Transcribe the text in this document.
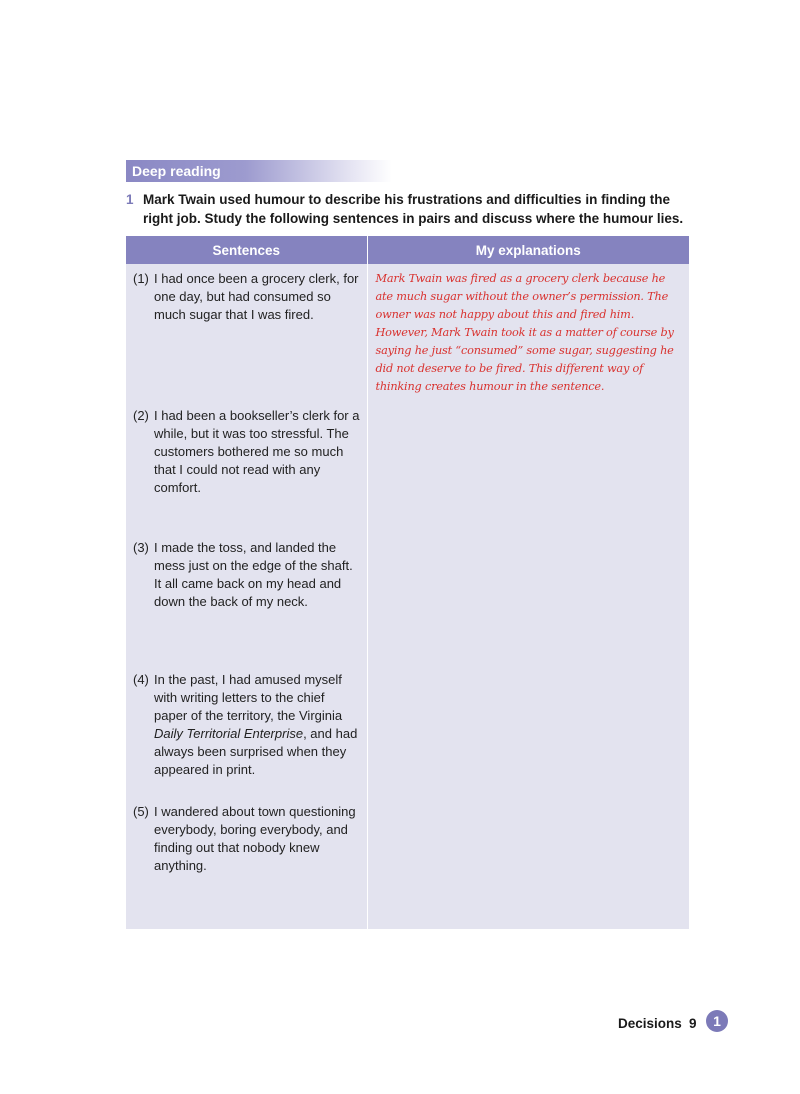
Deep reading
1 Mark Twain used humour to describe his frustrations and difficulties in finding the right job. Study the following sentences in pairs and discuss where the humour lies.
Sentences	My explanations

(1) I had once been a grocery clerk, for one day, but had consumed so much sugar that I was fired.	Mark Twain was fired as a grocery clerk because he ate much sugar without the owner’s permission. The owner was not happy about this and fired him. However, Mark Twain took it as a matter of course by saying he just “consumed” some sugar, suggesting he did not deserve to be fired. This different way of thinking creates humour in the sentence.

(2) I had been a bookseller’s clerk for a while, but it was too stressful. The customers bothered me so much that I could not read with any comfort.	

(3) I made the toss, and landed the mess just on the edge of the shaft. It all came back on my head and down the back of my neck.	

(4) In the past, I had amused myself with writing letters to the chief paper of the territory, the Virginia Daily Territorial Enterprise, and had always been surprised when they appeared in print.	

(5) I wandered about town questioning everybody, boring everybody, and finding out that nobody knew anything.	

Decisions 9	1
